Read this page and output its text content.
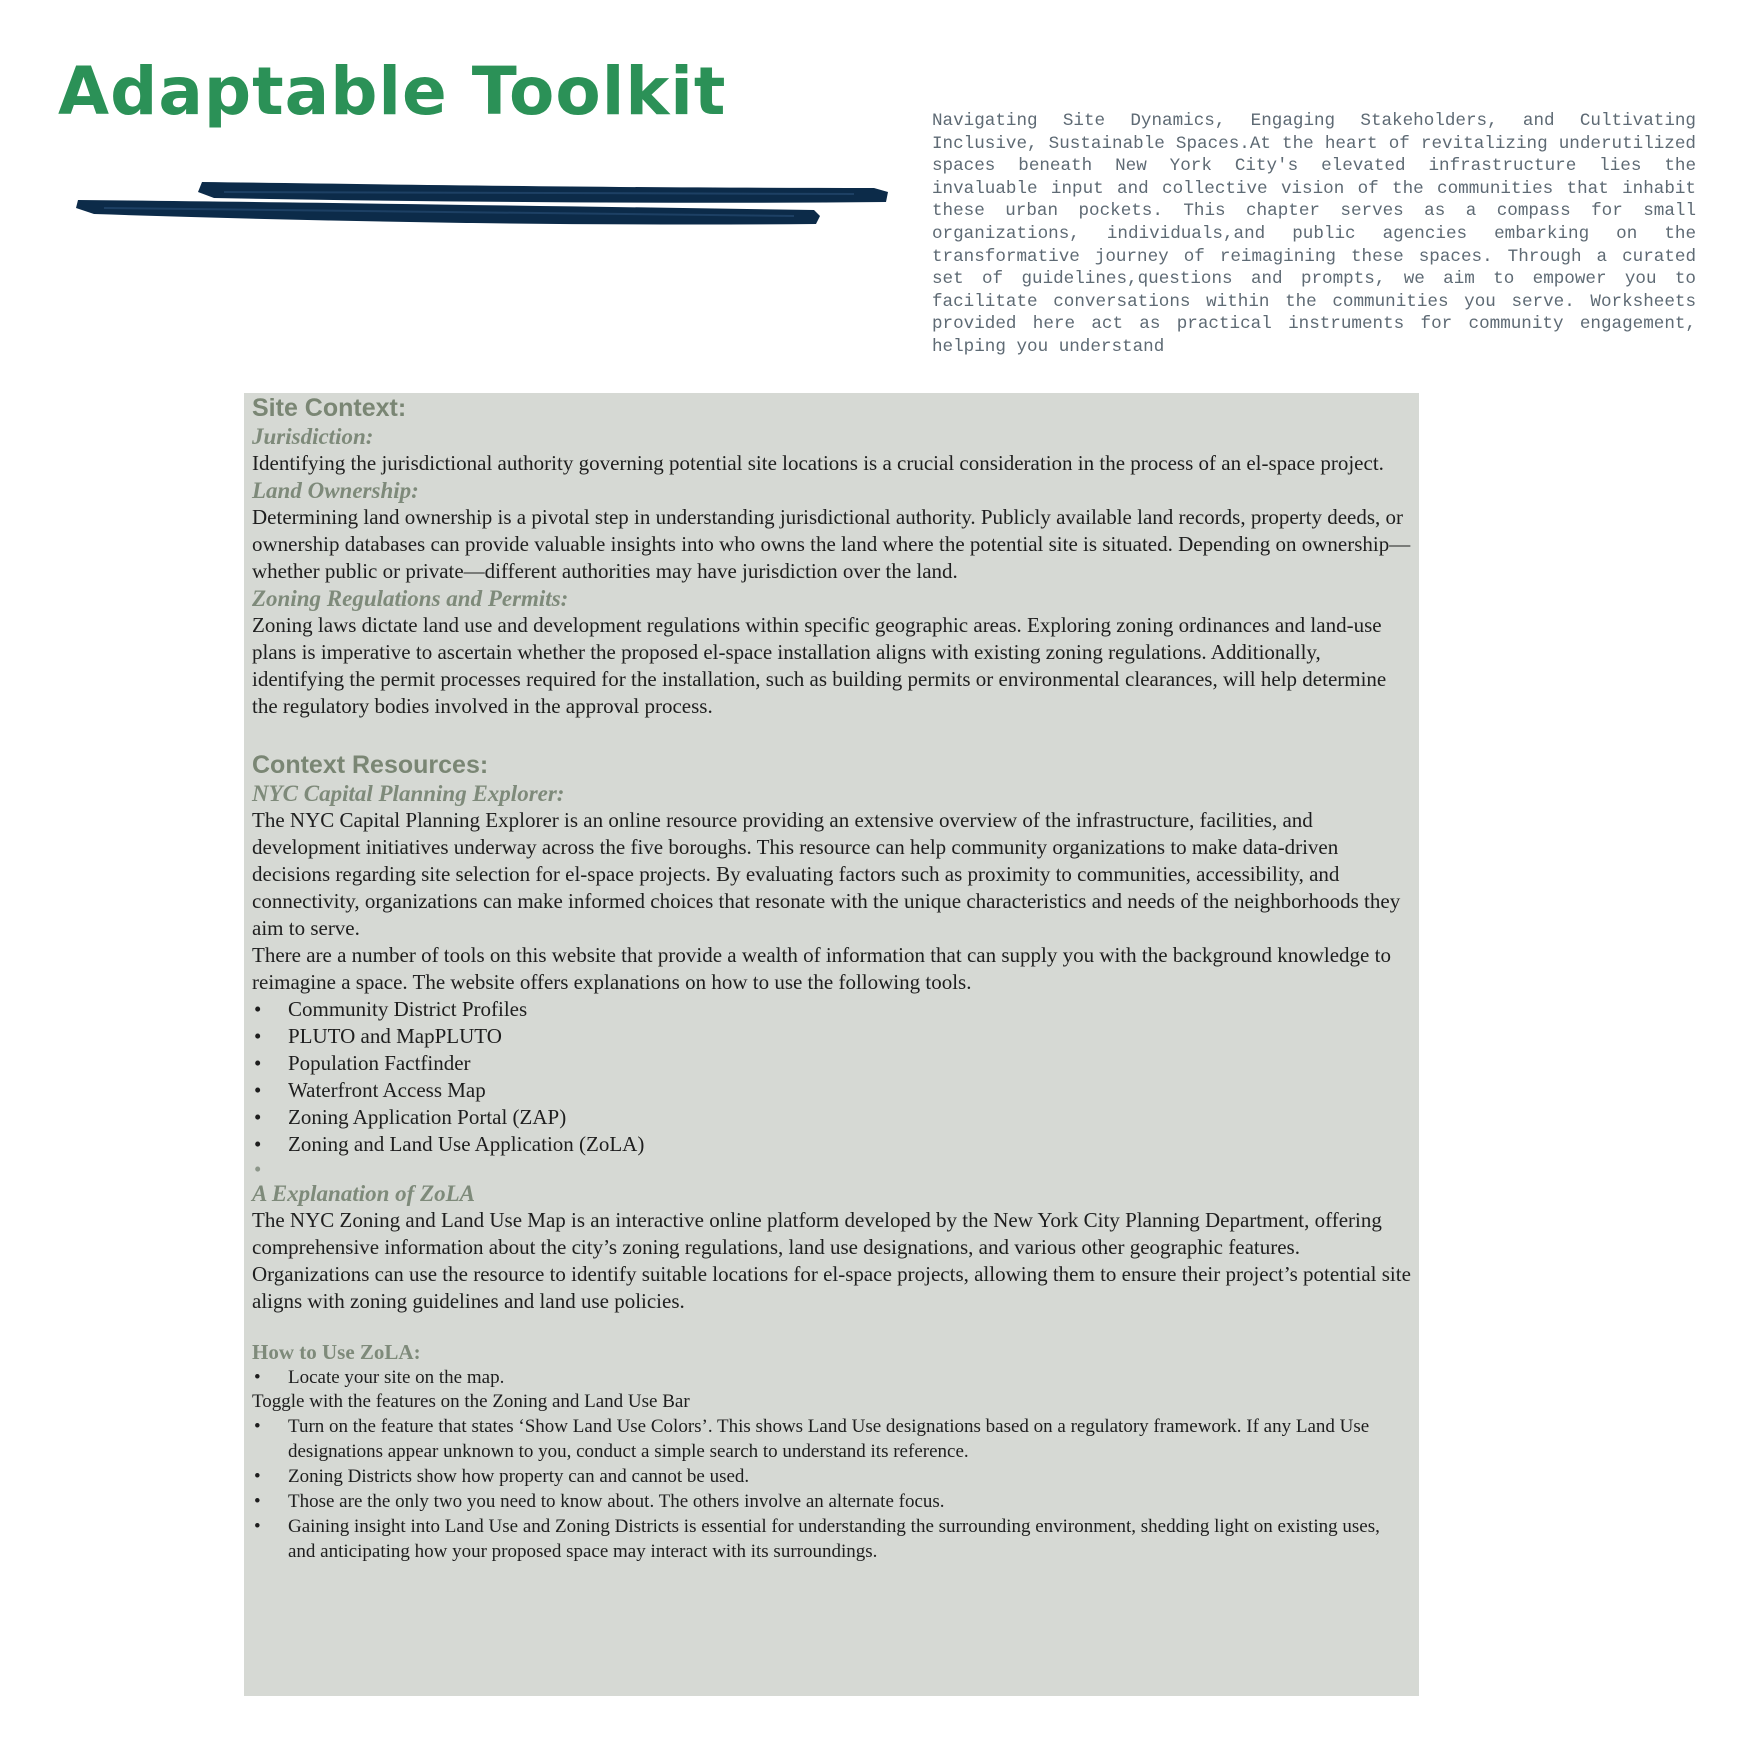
Adaptable Toolkit	Navigating Site Dynamics, Engaging Stakeholders, and Cultivating Inclusive, Sustainable Spaces.At the heart of revitalizing underutilized spaces beneath New York City's elevated infrastructure lies the invaluable input and collective vision of the communities that inhabit these urban pockets. This chapter serves as a compass for small organizations, individuals,and public agencies embarking on the transformative journey of reimagining these spaces. Through a curated set of guidelines,questions and prompts, we aim to empower you to facilitate conversations within the communities you serve. Worksheets provided here act as practical instruments for community engagement, helping you understand

Site Context:
Jurisdiction:

Identifying the jurisdictional authority governing potential site locations is a crucial consideration in the process of an el-space project.

Land Ownership:

Determining land ownership is a pivotal step in understanding jurisdictional authority. Publicly available land records, property deeds, or ownership databases can provide valuable insights into who owns the land where the potential site is situated. Depending on ownership—whether public or private—different authorities may have jurisdiction over the land.

Zoning Regulations and Permits:

Zoning laws dictate land use and development regulations within specific geographic areas. Exploring zoning ordinances and land-use plans is imperative to ascertain whether the proposed el-space installation aligns with existing zoning regulations. Additionally, identifying the permit processes required for the installation, such as building permits or environmental clearances, will help determine the regulatory bodies involved in the approval process.

Context Resources:
NYC Capital Planning Explorer:

The NYC Capital Planning Explorer is an online resource providing an extensive overview of the infrastructure, facilities, and development initiatives underway across the five boroughs. This resource can help community organizations to make data-driven decisions regarding site selection for el-space projects. By evaluating factors such as proximity to communities, accessibility, and connectivity, organizations can make informed choices that resonate with the unique characteristics and needs of the neighborhoods they aim to serve.

There are a number of tools on this website that provide a wealth of information that can supply you with the background knowledge to reimagine a space. The website offers explanations on how to use the following tools.

• Community District Profiles
• PLUTO and MapPLUTO
• Population Factfinder
• Waterfront Access Map
• Zoning Application Portal (ZAP)
• Zoning and Land Use Application (ZoLA)
•
A Explanation of ZoLA

The NYC Zoning and Land Use Map is an interactive online platform developed by the New York City Planning Department, offering comprehensive information about the city’s zoning regulations, land use designations, and various other geographic features. Organizations can use the resource to identify suitable locations for el-space projects, allowing them to ensure their project’s potential site aligns with zoning guidelines and land use policies.

How to Use ZoLA:
• Locate your site on the map.

Toggle with the features on the Zoning and Land Use Bar

• Turn on the feature that states ‘Show Land Use Colors’. This shows Land Use designations based on a regulatory framework. If any Land Use designations appear unknown to you, conduct a simple search to understand its reference.
• Zoning Districts show how property can and cannot be used.
• Those are the only two you need to know about. The others involve an alternate focus.
• Gaining insight into Land Use and Zoning Districts is essential for understanding the surrounding environment, shedding light on existing uses, and anticipating how your proposed space may interact with its surroundings.
